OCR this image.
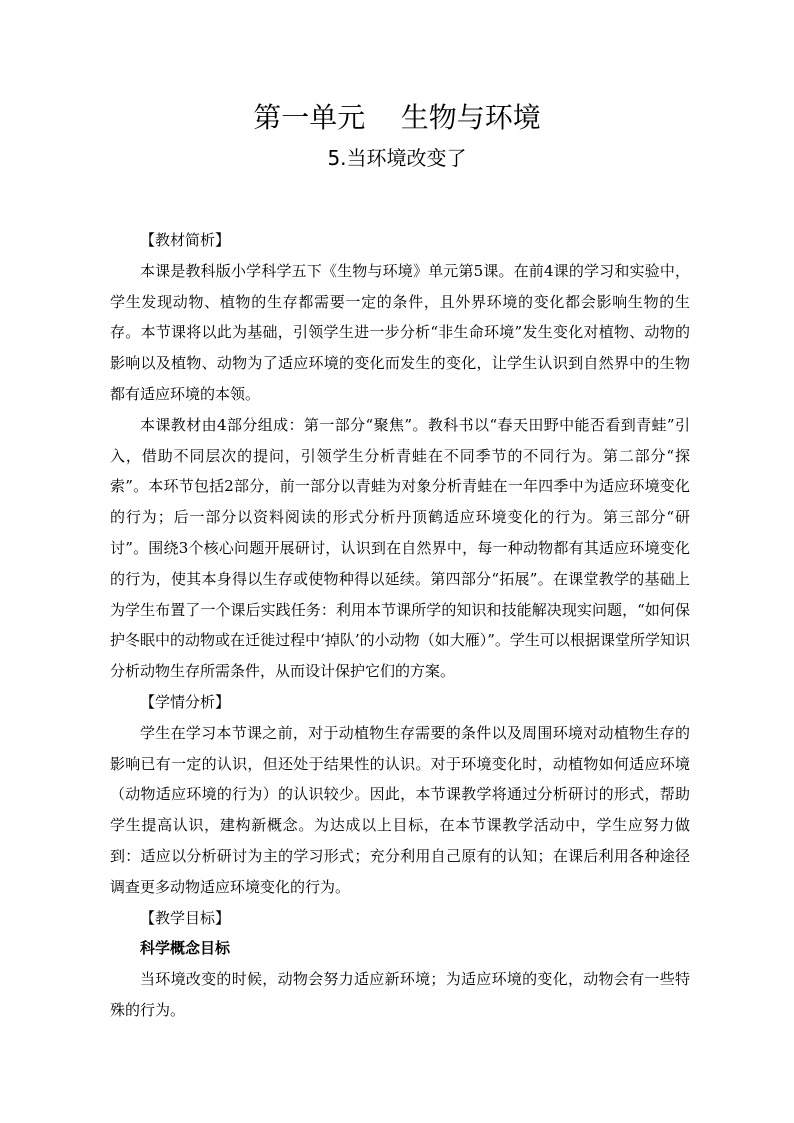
第一单元    生物与环境
5.当环境改变了

【教材简析】

本课是教科版小学科学五下《生物与环境》单元第5课。在前4课的学习和实验中，学生发现动物、植物的生存都需要一定的条件，且外界环境的变化都会影响生物的生存。本节课将以此为基础，引领学生进一步分析“非生命环境”发生变化对植物、动物的影响以及植物、动物为了适应环境的变化而发生的变化，让学生认识到自然界中的生物都有适应环境的本领。

本课教材由4部分组成：第一部分“聚焦”。教科书以“春天田野中能否看到青蛙”引入，借助不同层次的提问，引领学生分析青蛙在不同季节的不同行为。第二部分“探索”。本环节包括2部分，前一部分以青蛙为对象分析青蛙在一年四季中为适应环境变化的行为；后一部分以资料阅读的形式分析丹顶鹤适应环境变化的行为。第三部分“研讨”。围绕3个核心问题开展研讨，认识到在自然界中，每一种动物都有其适应环境变化的行为，使其本身得以生存或使物种得以延续。第四部分“拓展”。在课堂教学的基础上为学生布置了一个课后实践任务：利用本节课所学的知识和技能解决现实问题，“如何保护冬眠中的动物或在迁徙过程中‘掉队’的小动物（如大雁）”。学生可以根据课堂所学知识分析动物生存所需条件，从而设计保护它们的方案。

【学情分析】

学生在学习本节课之前，对于动植物生存需要的条件以及周围环境对动植物生存的影响已有一定的认识，但还处于结果性的认识。对于环境变化时，动植物如何适应环境（动物适应环境的行为）的认识较少。因此，本节课教学将通过分析研讨的形式，帮助学生提高认识，建构新概念。为达成以上目标，在本节课教学活动中，学生应努力做到：适应以分析研讨为主的学习形式；充分利用自己原有的认知；在课后利用各种途径调查更多动物适应环境变化的行为。

【教学目标】

科学概念目标

当环境改变的时候，动物会努力适应新环境；为适应环境的变化，动物会有一些特殊的行为。
